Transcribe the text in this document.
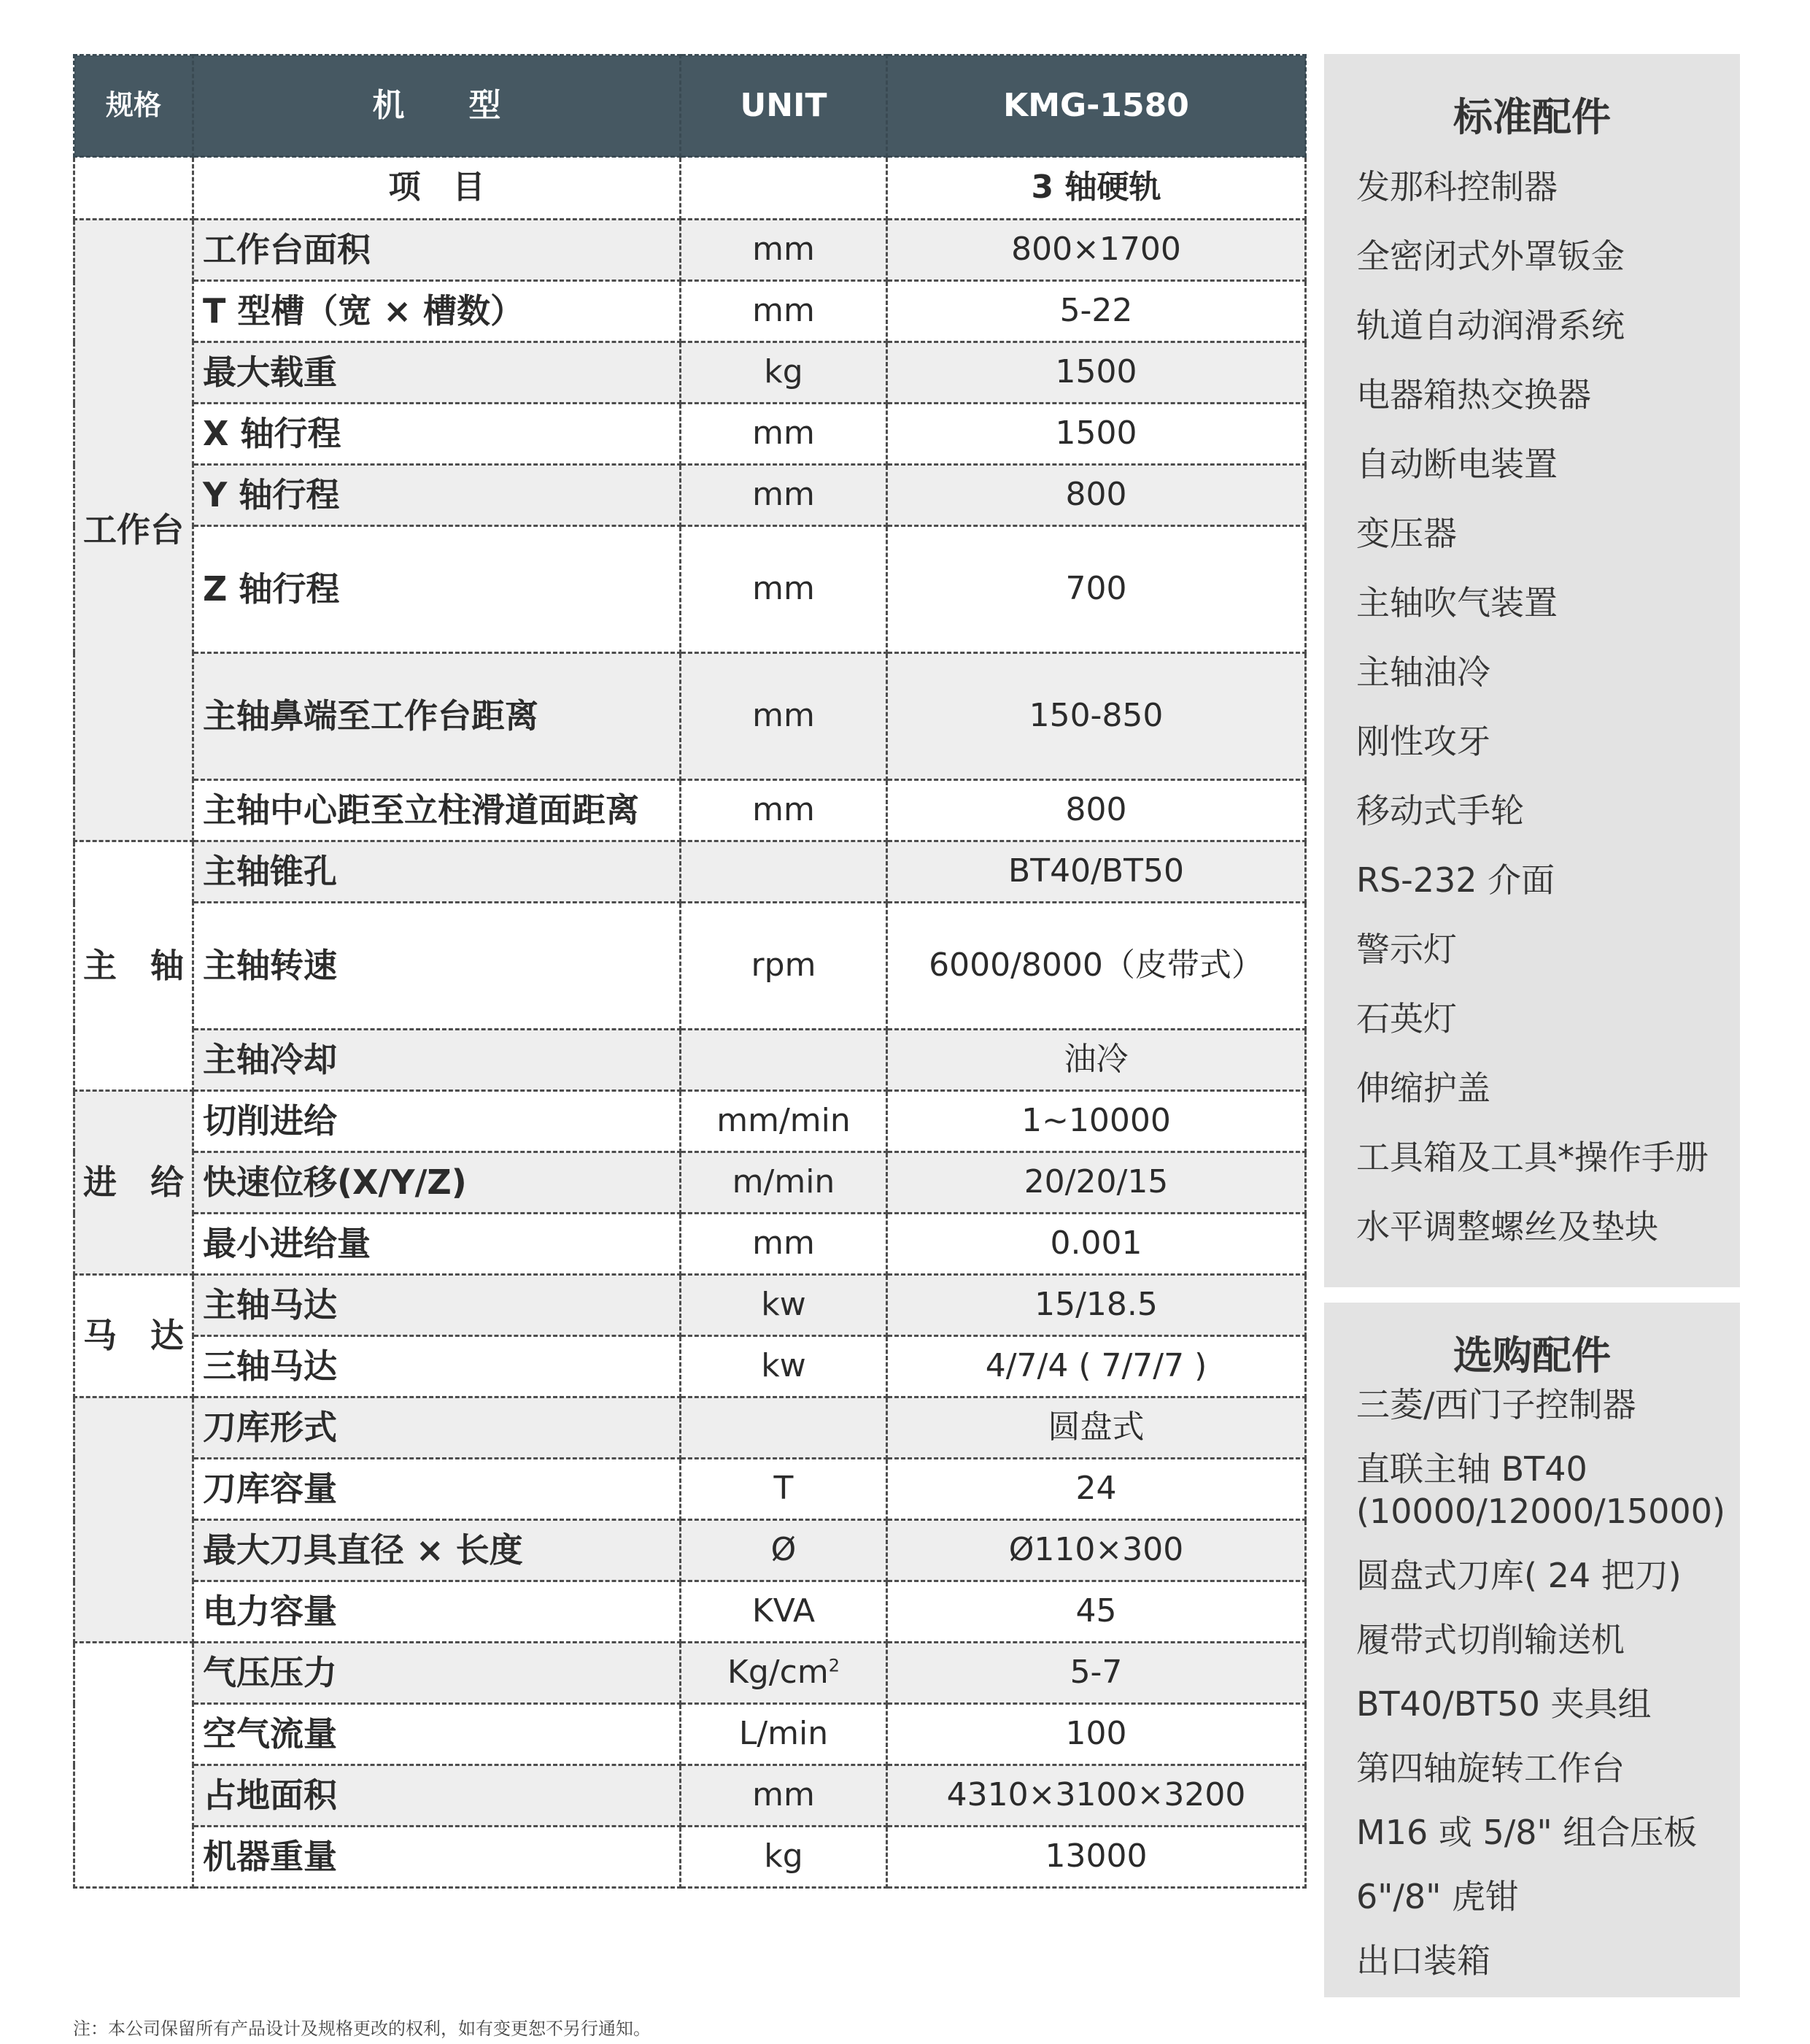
规格	机　　型	UNIT	KMG-1580
	项　目		3 轴硬轨
工作台	工作台面积	mm	800×1700
	T 型槽（宽 × 槽数）	mm	5-22
	最大载重	kg	1500
	X 轴行程	mm	1500
	Y 轴行程	mm	800
	Z 轴行程	mm	700
	主轴鼻端至工作台距离	mm	150-850
	主轴中心距至立柱滑道面距离	mm	800
主　轴	主轴锥孔		BT40/BT50
	主轴转速	rpm	6000/8000（皮带式）
	主轴冷却		油冷
进　给	切削进给	mm/min	1~10000
	快速位移(X/Y/Z)	m/min	20/20/15
	最小进给量	mm	0.001
马　达	主轴马达	kw	15/18.5
	三轴马达	kw	4/7/4 ( 7/7/7 )
	刀库形式		圆盘式
	刀库容量	T	24
	最大刀具直径 × 长度	Ø	Ø110×300
	电力容量	KVA	45
	气压压力	$Kg/cm^2$	5-7
	空气流量	L/min	100
	占地面积	mm	4310×3100×3200
	机器重量	kg	13000
标准配件
发那科控制器
全密闭式外罩钣金
轨道自动润滑系统
电器箱热交换器
自动断电装置
变压器
主轴吹气装置
主轴油冷
刚性攻牙
移动式手轮
RS-232 介面
警示灯
石英灯
伸缩护盖
工具箱及工具*操作手册
水平调整螺丝及垫块
选购配件
三菱/西门子控制器
直联主轴 BT40
(10000/12000/15000)
圆盘式刀库( 24 把刀)
履带式切削输送机
BT40/BT50 夹具组
第四轴旋转工作台
M16 或 5/8" 组合压板
6"/8" 虎钳
出口装箱
注：本公司保留所有产品设计及规格更改的权利，如有变更恕不另行通知。
